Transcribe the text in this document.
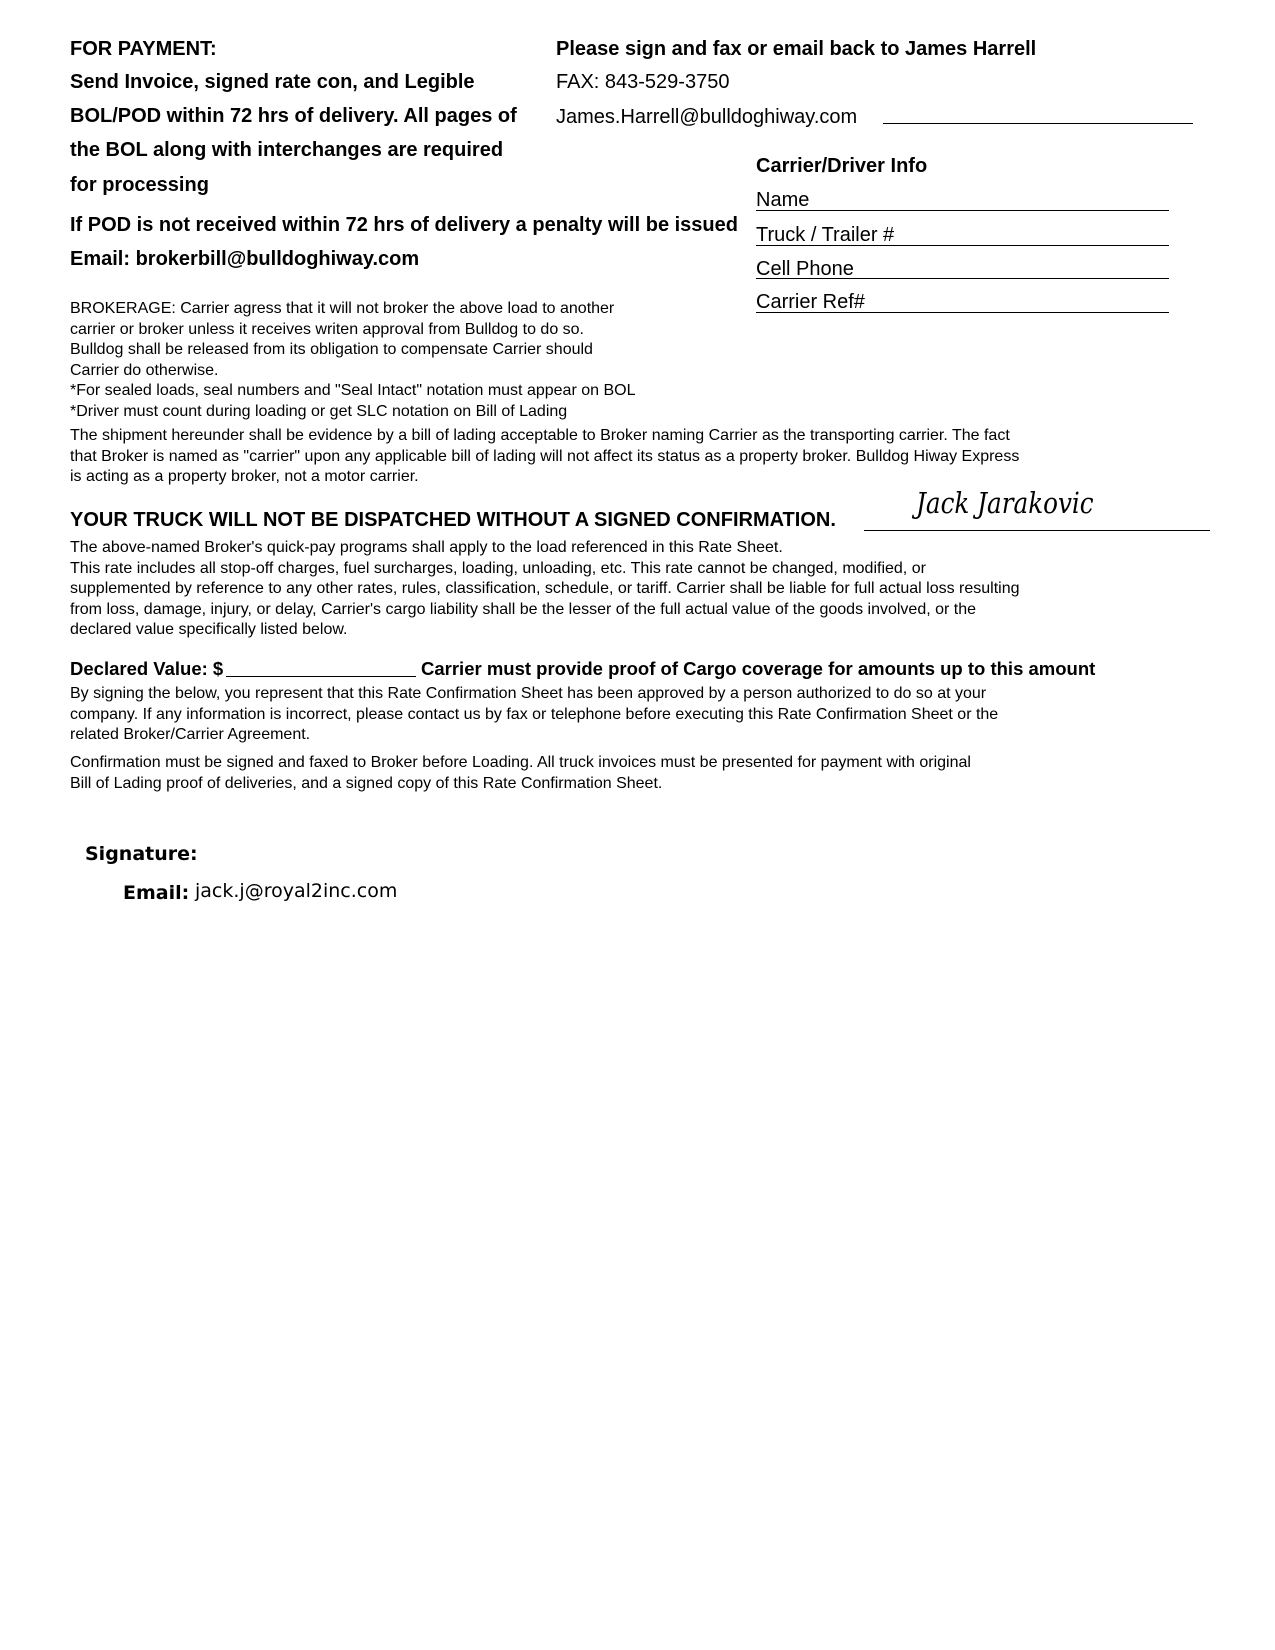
FOR PAYMENT:
Send Invoice, signed rate con, and Legible
BOL/POD within 72 hrs of delivery. All pages of
the BOL along with interchanges are required
for processing
If POD is not received within 72 hrs of delivery a penalty will be issued
Email: brokerbill@bulldoghiway.com
Please sign and fax or email back to James Harrell
FAX: 843-529-3750
James.Harrell@bulldoghiway.com
Carrier/Driver Info
Name
Truck / Trailer #
Cell Phone
Carrier Ref#
BROKERAGE: Carrier agress that it will not broker the above load to another
carrier or broker unless it receives writen approval from Bulldog to do so.
Bulldog shall be released from its obligation to compensate Carrier should
Carrier do otherwise.
*For sealed loads, seal numbers and "Seal Intact" notation must appear on BOL
*Driver must count during loading or get SLC notation on Bill of Lading
The shipment hereunder shall be evidence by a bill of lading acceptable to Broker naming Carrier as the transporting carrier. The fact
that Broker is named as "carrier" upon any applicable bill of lading will not affect its status as a property broker. Bulldog Hiway Express
is acting as a property broker, not a motor carrier.
YOUR TRUCK WILL NOT BE DISPATCHED WITHOUT A SIGNED CONFIRMATION.	Jack Jarakovic
The above-named Broker's quick-pay programs shall apply to the load referenced in this Rate Sheet.
This rate includes all stop-off charges, fuel surcharges, loading, unloading, etc. This rate cannot be changed, modified, or
supplemented by reference to any other rates, rules, classification, schedule, or tariff. Carrier shall be liable for full actual loss resulting
from loss, damage, injury, or delay, Carrier's cargo liability shall be the lesser of the full actual value of the goods involved, or the
declared value specifically listed below.
Declared Value: $	Carrier must provide proof of Cargo coverage for amounts up to this amount
By signing the below, you represent that this Rate Confirmation Sheet has been approved by a person authorized to do so at your
company. If any information is incorrect, please contact us by fax or telephone before executing this Rate Confirmation Sheet or the
related Broker/Carrier Agreement.
Confirmation must be signed and faxed to Broker before Loading. All truck invoices must be presented for payment with original
Bill of Lading proof of deliveries, and a signed copy of this Rate Confirmation Sheet.
Signature:
Email: jack.j@royal2inc.com
